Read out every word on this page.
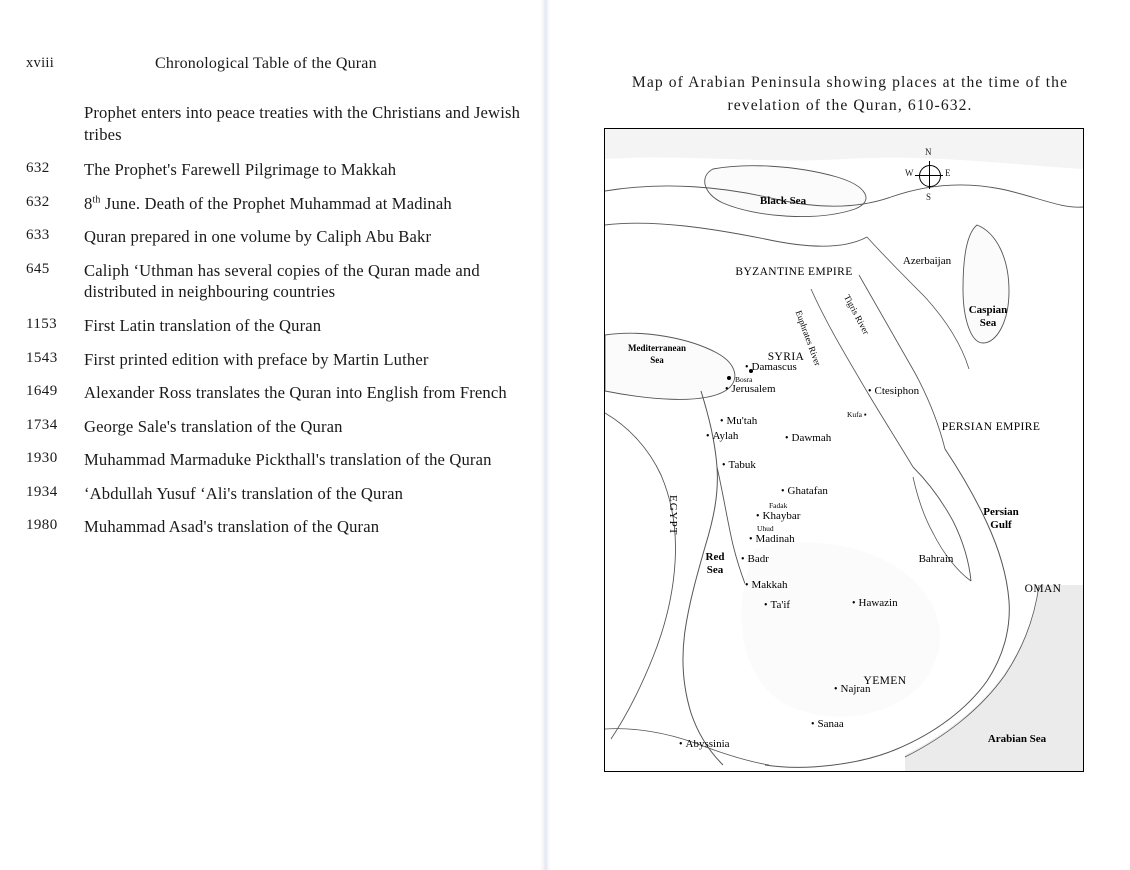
xviii	Chronological Table of the Quran
Prophet enters into peace treaties with the Christians and Jewish tribes
632	The Prophet's Farewell Pilgrimage to Makkah
632	8th June. Death of the Prophet Muhammad at Madinah
633	Quran prepared in one volume by Caliph Abu Bakr
645	Caliph ‘Uthman has several copies of the Quran made and distributed in neighbouring countries
1153	First Latin translation of the Quran
1543	First printed edition with preface by Martin Luther
1649	Alexander Ross translates the Quran into English from French
1734	George Sale's translation of the Quran
1930	Muhammad Marmaduke Pickthall's translation of the Quran
1934	‘Abdullah Yusuf ‘Ali's translation of the Quran
1980	Muhammad Asad's translation of the Quran
Map of Arabian Peninsula showing places at the time of the revelation of the Quran, 610-632.
N
S
W	E
Black Sea
Caspian
Sea
Mediterranean
Sea
Red
Sea
Persian
Gulf
Arabian Sea
BYZANTINE EMPIRE
PERSIAN EMPIRE
EGYPT
SYRIA
YEMEN
OMAN
Azerbaijan
Bahrain
Tigris River
Euphrates River
• Damascus
Bosra
• Jerusalem	• Ctesiphon
Kufa ▪
• Mu'tah
• Aylah	• Dawmah
• Tabuk
• Ghatafan
Fadak
• Khaybar
Uhud
• Madinah
• Badr
• Makkah
• Ta'if	• Hawazin
• Najran
• Sanaa
• Abyssinia
